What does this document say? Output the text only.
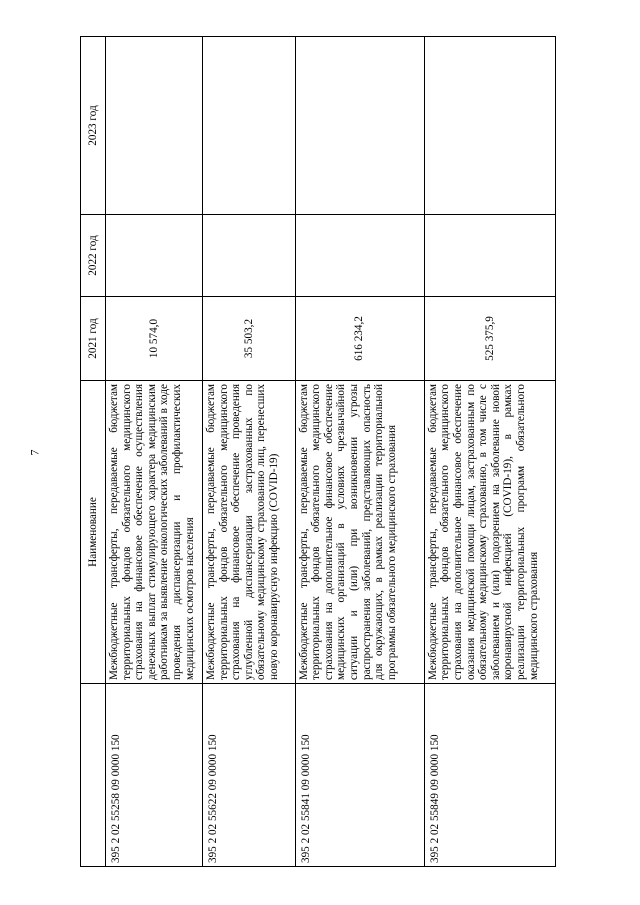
7
	Наименование	2021 год	2022 год	2023 год
395 2 02 55258 09 0000 150	Межбюджетные трансферты, передаваемые бюджетам территориальных фондов обязательного медицинского страхования на финансовое обеспечение осуществления денежных выплат стимулирующего характера медицинским работникам за выявление онкологических заболеваний в ходе проведения диспансеризации и профилактических медицинских осмотров населения	10 574,0		
395 2 02 55622 09 0000 150	Межбюджетные трансферты, передаваемые бюджетам территориальных фондов обязательного медицинского страхования на финансовое обеспечение проведения углубленной диспансеризации застрахованных по обязательному медицинскому страхованию лиц, перенесших новую коронавирусную инфекцию (COVID-19)	35 503,2		
395 2 02 55841 09 0000 150	Межбюджетные трансферты, передаваемые бюджетам территориальных фондов обязательного медицинского страхования на дополнительное финансовое обеспечение медицинских организаций в условиях чрезвычайной ситуации и (или) при возникновении угрозы распространения заболеваний, представляющих опасность для окружающих, в рамках реализации территориальной программы обязательного медицинского страхования	616 234,2		
395 2 02 55849 09 0000 150	Межбюджетные трансферты, передаваемые бюджетам территориальных фондов обязательного медицинского страхования на дополнительное финансовое обеспечение оказания медицинской помощи лицам, застрахованным по обязательному медицинскому страхованию, в том числе с заболеванием и (или) подозрением на заболевание новой коронавирусной инфекцией (COVID-19), в рамках реализации территориальных программ обязательного медицинского страхования	525 375,9		
